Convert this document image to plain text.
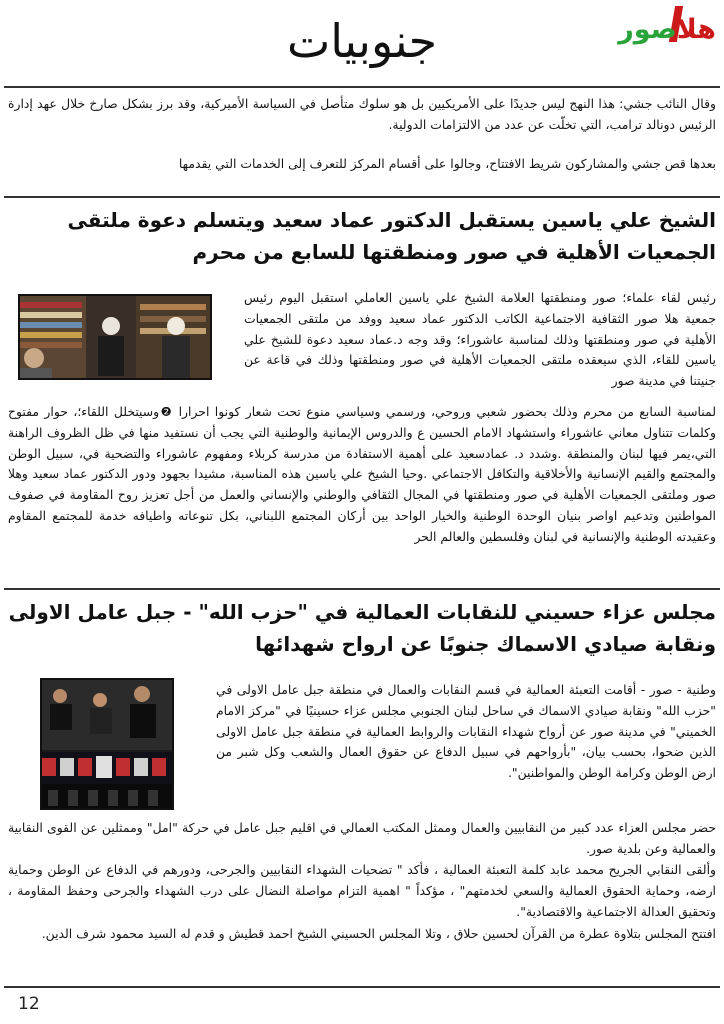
جنوبيات	هلاصور

وقال النائب جشي: هذا النهج ليس جديدًا على الأمريكيين بل هو سلوك متأصل في السياسة الأميركية، وقد برز بشكل صارخ خلال عهد إدارة الرئيس دونالد ترامب، التي تخلّت عن عدد من الالتزامات الدولية.

بعدها قص جشي والمشاركون شريط الافتتاح، وجالوا على أقسام المركز للتعرف إلى الخدمات التي يقدمها

الشيخ علي ياسين يستقبل الدكتور عماد سعيد ويتسلم دعوة ملتقى الجمعيات الأهلية في صور ومنطقتها للسابع من محرم

رئيس لقاء علماء؛ صور ومنطقتها العلامة الشيخ علي ياسين العاملي استقبل اليوم رئيس جمعية هلا صور الثقافية الاجتماعية الكاتب الدكتور عماد سعيد ووفد من ملتقى الجمعيات الأهلية في صور ومنطقتها وذلك لمناسبة عاشوراء؛ وقد وجه د.عماد سعيد دعوة للشيخ علي ياسين للقاء، الذي سيعقده ملتقى الجمعيات الأهلية في صور ومنطقتها وذلك في قاعة عن جنيتنا في مدينة صور

لمناسبة السابع من محرم وذلك بحضور شعبي وروحي، ورسمي وسياسي منوع تحت شعار كونوا احرارا ❷وسيتخلل اللقاء؛، حوار مفتوح وكلمات تتناول معاني عاشوراء واستشهاد الامام الحسين ع والدروس الإيمانية والوطنية التي يجب أن نستفيد منها في ظل الظروف الراهنة التي،يمر فيها لبنان والمنطقة .وشدد د. عمادسعيد على أهمية الاستفادة من مدرسة كربلاء ومفهوم عاشوراء والتضحية في، سبيل الوطن والمجتمع والقيم الإنسانية والأخلاقية والتكافل الاجتماعي .وحيا الشيخ علي ياسين هذه المناسبة، مشيدا بجهود ودور الدكتور عماد سعيد وهلا صور وملتقى الجمعيات الأهلية في صور ومنطقتها في المجال الثقافي والوطني والإنساني والعمل من أجل تعزيز روح المقاومة في صفوف المواطنين وتدعيم اواصر بنيان الوحدة الوطنية والخيار الواحد بين أركان المجتمع اللبناني، بكل تنوعاته واطيافه خدمة للمجتمع المقاوم وعقيدته الوطنية والإنسانية في لبنان وفلسطين والعالم الحر

مجلس عزاء حسيني للنقابات العمالية في "حزب الله" - جبل عامل الاولى ونقابة صيادي الاسماك جنوبًا عن ارواح شهدائها

وطنية - صور - أقامت التعبئة العمالية في قسم النقابات والعمال في منطقة جبل عامل الاولى في "حزب الله" ونقابة صيادي الاسماك في ساحل لبنان الجنوبي مجلس عزاء حسينيًا في "مركز الامام الخميني" في مدينة صور عن أرواح شهداء النقابات والروابط العمالية في منطقة جبل عامل الاولى الذين ضحوا، بحسب بيان، "بأرواحهم في سبيل الدفاع عن حقوق العمال والشعب وكل شبر من ارض الوطن وكرامة الوطن والمواطنين".

حضر مجلس العزاء عدد كبير من النقابيين والعمال وممثل المكتب العمالي في اقليم جبل عامل في حركة "امل" وممثلين عن القوى النقابية والعمالية وعن بلدية صور.

وألقى النقابي الجريح محمد عابد كلمة التعبئة العمالية ، فأكد " تضحيات الشهداء النقابيين والجرحى، ودورهم في الدفاع عن الوطن وحماية ارضه، وحماية الحقوق العمالية والسعي لخدمتهم" ، مؤكداً " اهمية التزام مواصلة النضال على درب الشهداء والجرحى وحفظ المقاومة ، وتحقيق العدالة الاجتماعية والاقتصادية".

افتتح المجلس بتلاوة عطرة من القرآن لحسين حلاق ، وتلا المجلس الحسيني الشيخ احمد قطيش و قدم له السيد محمود شرف الدين.

12
